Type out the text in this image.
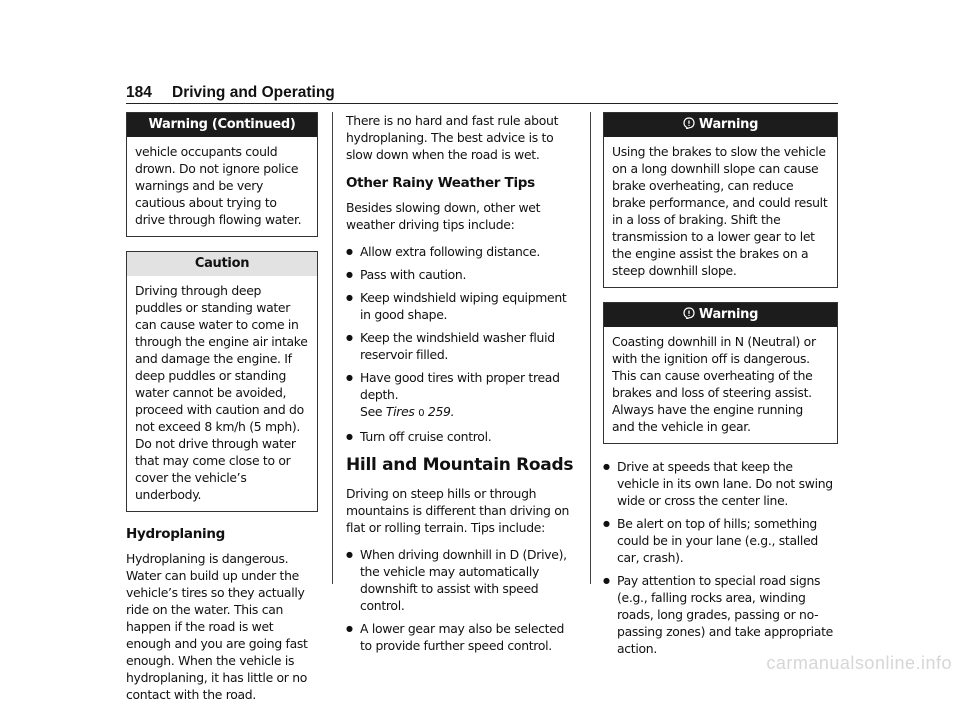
184 Driving and Operating
Warning (Continued)
vehicle occupants could drown. Do not ignore police warnings and be very cautious about trying to drive through flowing water.
Caution
Driving through deep puddles or standing water can cause water to come in through the engine air intake and damage the engine. If deep puddles or standing water cannot be avoided, proceed with caution and do not exceed 8 km/h (5 mph). Do not drive through water that may come close to or cover the vehicle’s underbody.
Hydroplaning

Hydroplaning is dangerous. Water can build up under the vehicle’s tires so they actually ride on the water. This can happen if the road is wet enough and you are going fast enough. When the vehicle is hydroplaning, it has little or no contact with the road.

There is no hard and fast rule about hydroplaning. The best advice is to slow down when the road is wet.

Other Rainy Weather Tips

Besides slowing down, other wet weather driving tips include:

● Allow extra following distance.
● Pass with caution.
● Keep windshield wiping equipment in good shape.
● Keep the windshield washer fluid reservoir filled.
● Have good tires with proper tread depth.
See Tires 0 259.
● Turn off cruise control.
Hill and Mountain Roads

Driving on steep hills or through mountains is different than driving on flat or rolling terrain. Tips include:

● When driving downhill in D (Drive), the vehicle may automatically downshift to assist with speed control.
● A lower gear may also be selected to provide further speed control.
Warning
Using the brakes to slow the vehicle on a long downhill slope can cause brake overheating, can reduce brake performance, and could result in a loss of braking. Shift the transmission to a lower gear to let the engine assist the brakes on a steep downhill slope.
Warning
Coasting downhill in N (Neutral) or with the ignition off is dangerous. This can cause overheating of the brakes and loss of steering assist. Always have the engine running and the vehicle in gear.
● Drive at speeds that keep the vehicle in its own lane. Do not swing wide or cross the center line.
● Be alert on top of hills; something could be in your lane (e.g., stalled car, crash).
● Pay attention to special road signs (e.g., falling rocks area, winding roads, long grades, passing or no-passing zones) and take appropriate action.
carmanualsonline.info
